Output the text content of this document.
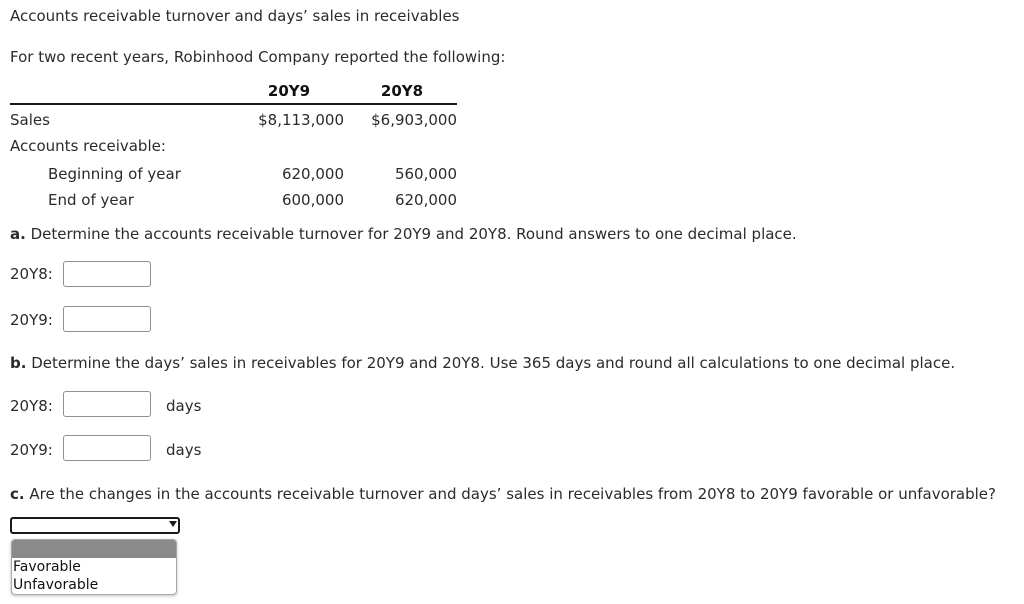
Accounts receivable turnover and days’ sales in receivables
For two recent years, Robinhood Company reported the following:
20Y9	20Y8
Sales	$8,113,000	$6,903,000
Accounts receivable:
Beginning of year	620,000	560,000
End of year	600,000	620,000
a. Determine the accounts receivable turnover for 20Y9 and 20Y8. Round answers to one decimal place.
20Y8:
20Y9:
b. Determine the days’ sales in receivables for 20Y9 and 20Y8. Use 365 days and round all calculations to one decimal place.
20Y8:	days
20Y9:	days
c. Are the changes in the accounts receivable turnover and days’ sales in receivables from 20Y8 to 20Y9 favorable or unfavorable?
Favorable
Unfavorable
